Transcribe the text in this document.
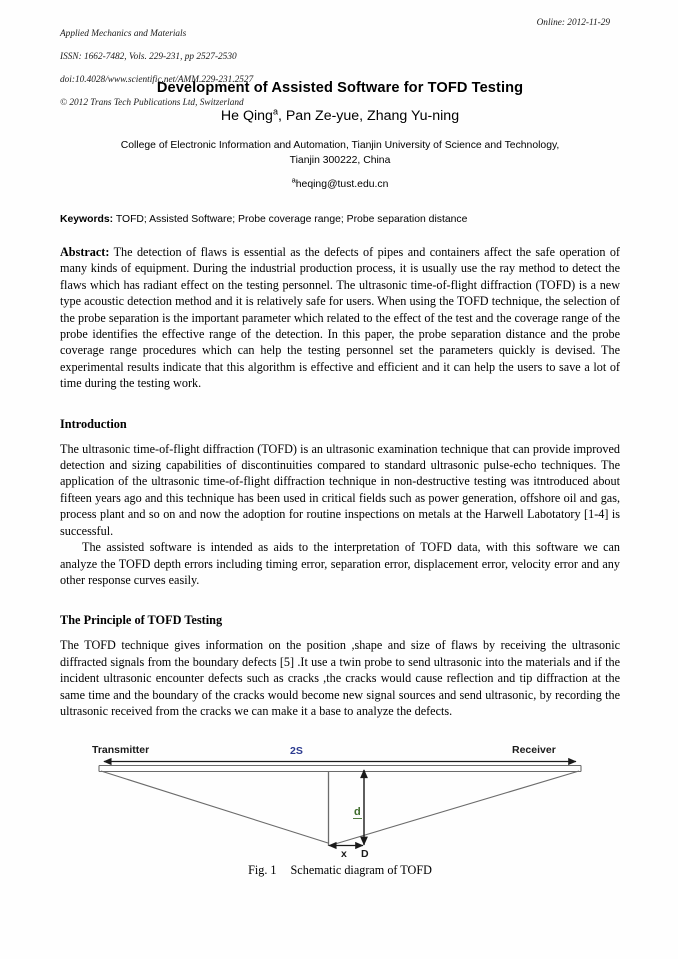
Applied Mechanics and Materials

ISSN: 1662-7482, Vols. 229-231, pp 2527-2530

doi:10.4028/www.scientific.net/AMM.229-231.2527

© 2012 Trans Tech Publications Ltd, Switzerland

Online: 2012-11-29
Development of Assisted Software for TOFD Testing
He Qing$^a$, Pan Ze-yue, Zhang Yu-ning
College of Electronic Information and Automation, Tianjin University of Science and Technology,
Tianjin 300222, China
$^a$heqing@tust.edu.cn
Keywords: TOFD; Assisted Software; Probe coverage range; Probe separation distance
Abstract: The detection of flaws is essential as the defects of pipes and containers affect the safe operation of many kinds of equipment. During the industrial production process, it is usually use the ray method to detect the flaws which has radiant effect on the testing personnel. The ultrasonic time-of-flight diffraction (TOFD) is a new type acoustic detection method and it is relatively safe for users. When using the TOFD technique, the selection of the probe separation is the important parameter which related to the effect of the test and the coverage range of the probe identifies the effective range of the detection. In this paper, the probe separation distance and the probe coverage range procedures which can help the testing personnel set the parameters quickly is devised. The experimental results indicate that this algorithm is effective and efficient and it can help the users to save a lot of time during the testing work.
Introduction
The ultrasonic time-of-flight diffraction (TOFD) is an ultrasonic examination technique that can provide improved detection and sizing capabilities of discontinuities compared to standard ultrasonic pulse-echo techniques. The application of the ultrasonic time-of-flight diffraction technique in non-destructive testing was itntroduced about fifteen years ago and this technique has been used in critical fields such as power generation, offshore oil and gas, process plant and so on and now the adoption for routine inspections on metals at the Harwell Labotatory [1-4] is successful.
The assisted software is intended as aids to the interpretation of TOFD data, with this software we can analyze the TOFD depth errors including timing error, separation error, displacement error, velocity error and any other response curves easily.
The Principle of TOFD Testing
The TOFD technique gives information on the position ,shape and size of flaws by receiving the ultrasonic diffracted signals from the boundary defects [5] .It use a twin probe to send ultrasonic into the materials and if the incident ultrasonic encounter defects such as cracks ,the cracks would cause reflection and tip diffraction at the same time and the boundary of the cracks would become new signal sources and send ultrasonic, by recording the ultrasonic received from the cracks we can make it a base to analyze the defects.
Transmitter	Receiver
2S
d
x D
Fig. 1 Schematic diagram of TOFD
